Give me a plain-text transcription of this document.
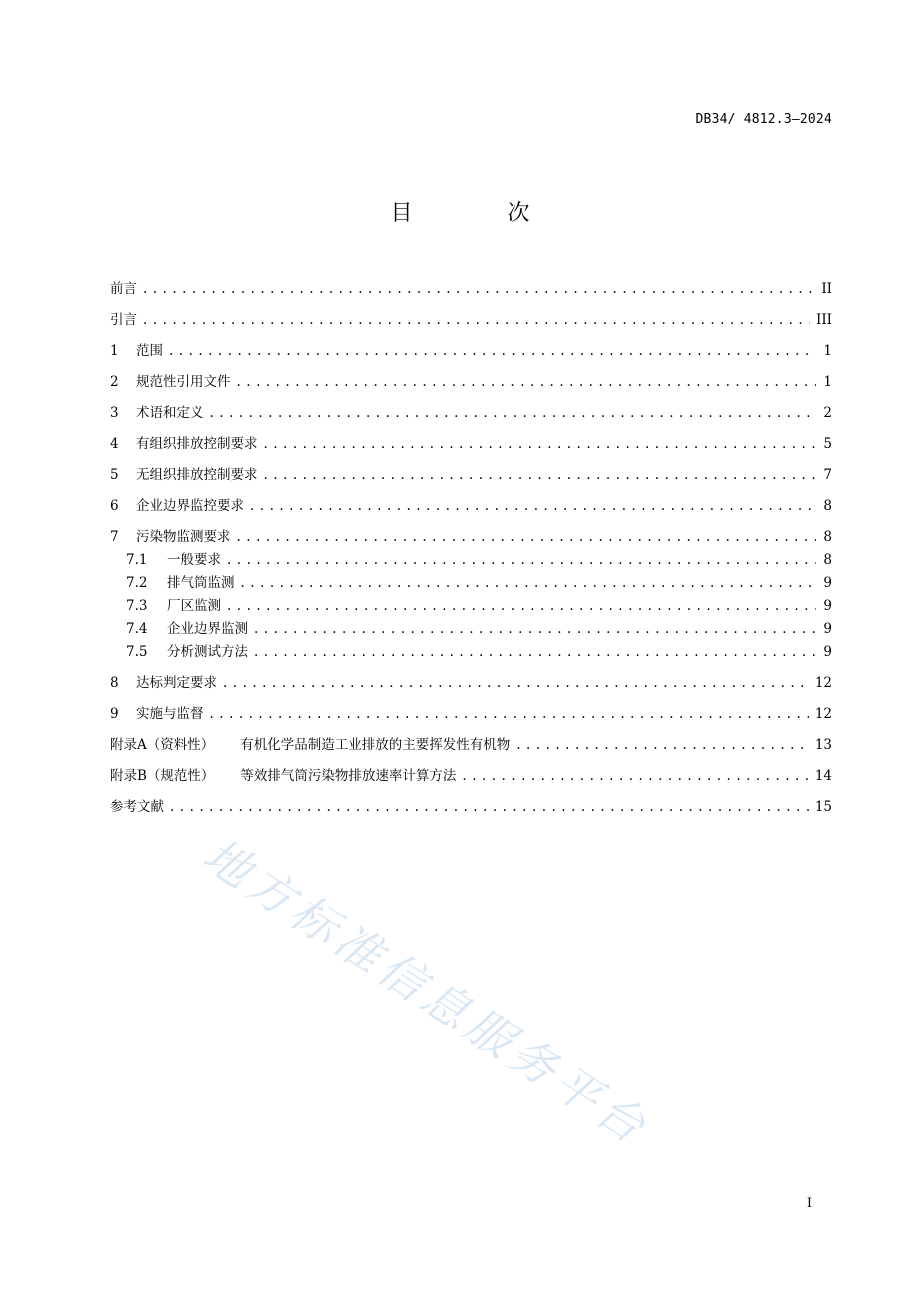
DB34/ 4812.3—2024
目 次
前言 . . .	II
引言 . . .	III
1	范围 . . .	1
2	规范性引用文件 . . .	1
3	术语和定义 . . .	2
4	有组织排放控制要求 . . .	5
5	无组织排放控制要求 . . .	7
6	企业边界监控要求 . . .	8
7	污染物监测要求 . . .	8
7.1	一般要求 . . .	8
7.2	排气筒监测 . . .	9
7.3	厂区监测 . . .	9
7.4	企业边界监测 . . .	9
7.5	分析测试方法 . . .	9
8	达标判定要求 . . .	12
9	实施与监督 . . .	12
附录A（资料性） 有机化学品制造工业排放的主要挥发性有机物 . . .	13
附录B（规范性） 等效排气筒污染物排放速率计算方法 . . .	14
参考文献 . . .	15
地方标准信息服务平台
I
